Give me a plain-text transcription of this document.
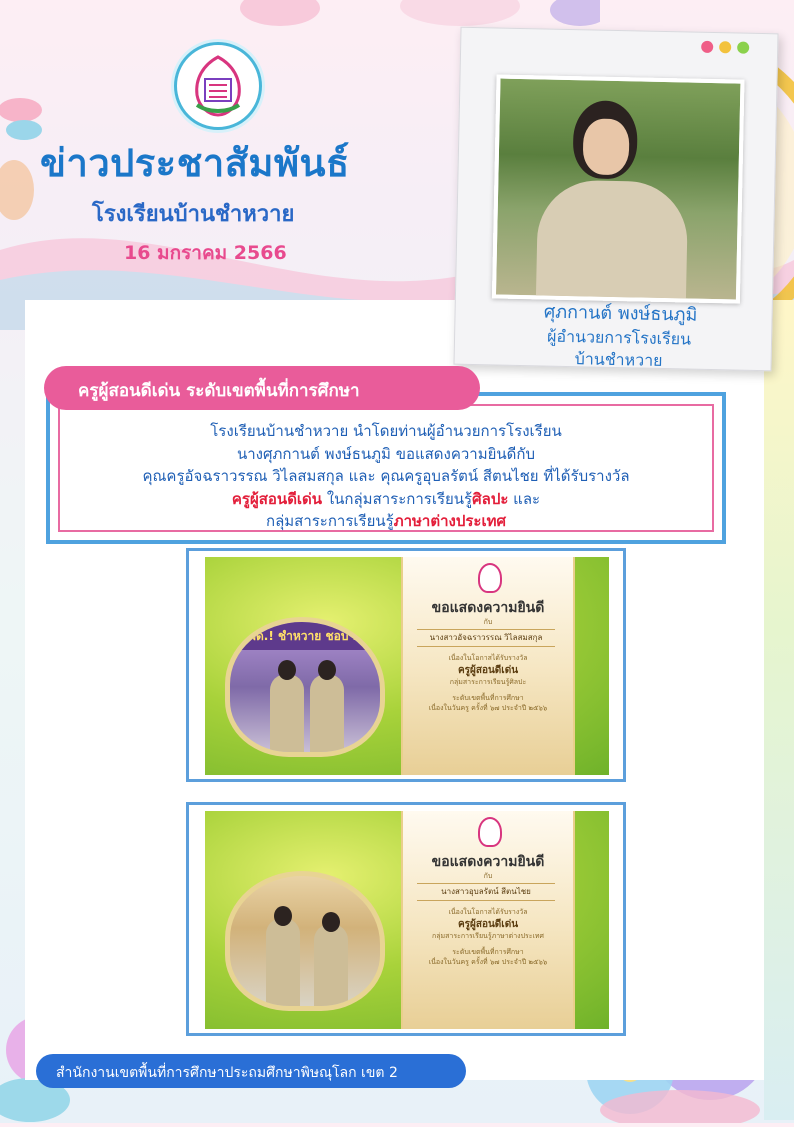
ข่าวประชาสัมพันธ์

โรงเรียนบ้านชำหวาย

16 มกราคม 2566

ศุภกานต์ พงษ์ธนภูมิ

ผู้อำนวยการโรงเรียนบ้านชำหวาย

ครูผู้สอนดีเด่น ระดับเขตพื้นที่การศึกษา

โรงเรียนบ้านชำหวาย นำโดยท่านผู้อำนวยการโรงเรียน
นางศุภกานต์ พงษ์ธนภูมิ ขอแสดงความยินดีกับ
คุณครูอัจฉราวรรณ วิไลสมสกุล และ คุณครูอุบลรัตน์ สีตนไชย ที่ได้รับรางวัล
ครูผู้สอนดีเด่น ในกลุ่มสาระการเรียนรู้ศิลปะ และ
กลุ่มสาระการเรียนรู้ภาษาต่างประเทศ
ผึด.! ชำหวาย ชอบ 2

ขอแสดงความยินดี

กับ

นางสาวอัจฉราวรรณ วิไลสมสกุล

เนื่องในโอกาสได้รับรางวัล

ครูผู้สอนดีเด่น

กลุ่มสาระการเรียนรู้ศิลปะ

ระดับเขตพื้นที่การศึกษา

เนื่องในวันครู ครั้งที่ ๖๗ ประจำปี ๒๕๖๖

ขอแสดงความยินดี

กับ

นางสาวอุบลรัตน์ สีตนไชย

เนื่องในโอกาสได้รับรางวัล

ครูผู้สอนดีเด่น

กลุ่มสาระการเรียนรู้ภาษาต่างประเทศ

ระดับเขตพื้นที่การศึกษา

เนื่องในวันครู ครั้งที่ ๖๗ ประจำปี ๒๕๖๖

สำนักงานเขตพื้นที่การศึกษาประถมศึกษาพิษณุโลก เขต 2
